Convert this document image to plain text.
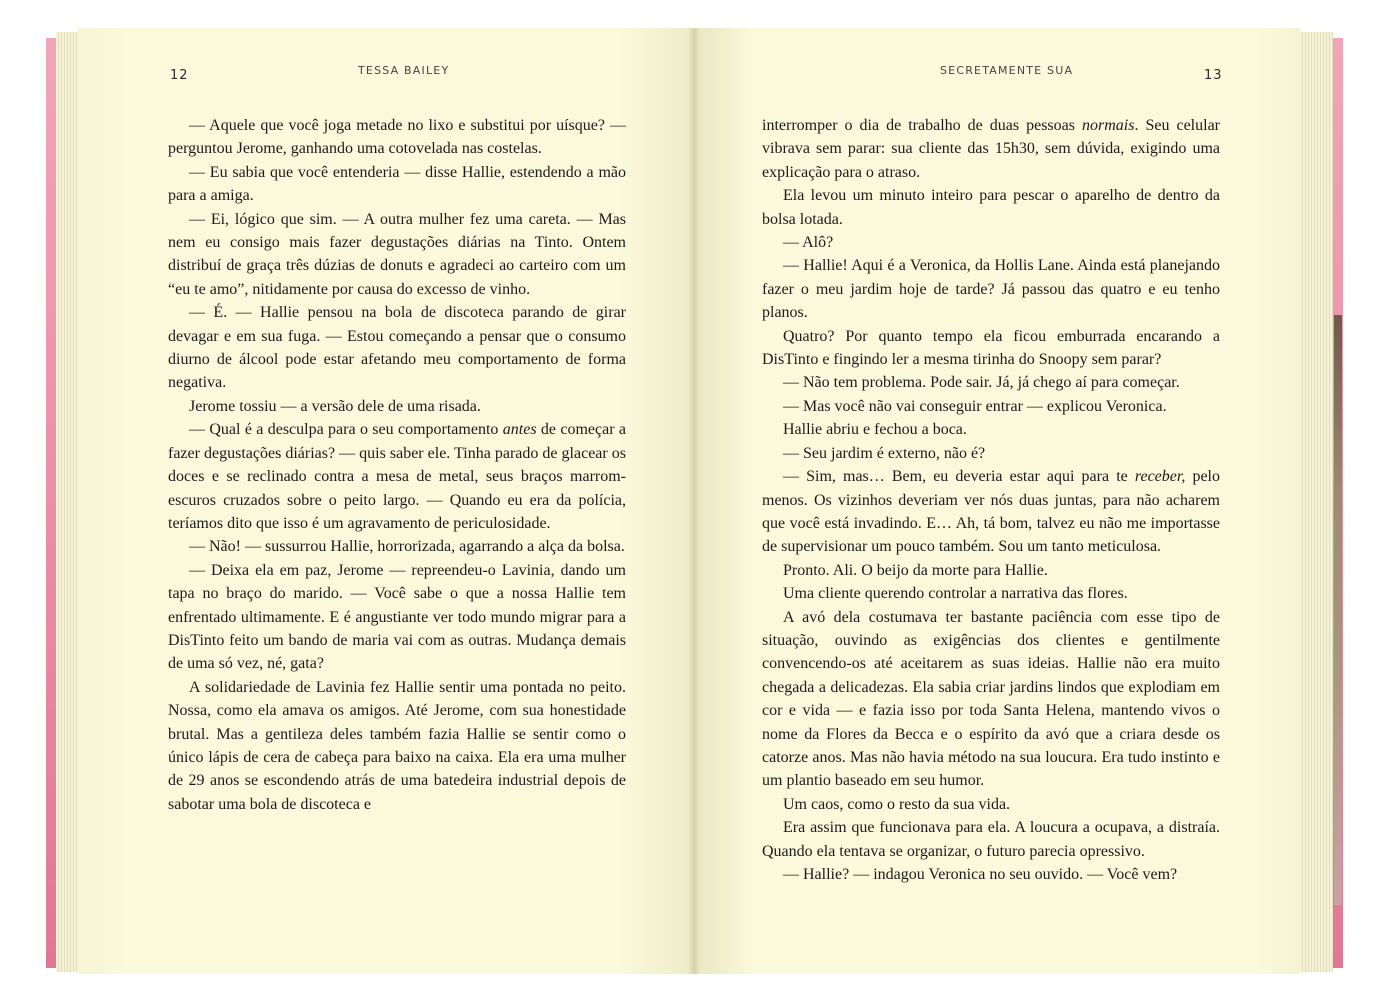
12	TESSA BAILEY	SECRETAMENTE SUA	13

— Aquele que você joga metade no lixo e substitui por uísque? — perguntou Jerome, ganhando uma cotovelada nas costelas.

— Eu sabia que você entenderia — disse Hallie, estendendo a mão para a amiga.

— Ei, lógico que sim. — A outra mulher fez uma careta. — Mas nem eu consigo mais fazer degustações diárias na Tinto. Ontem distribuí de graça três dúzias de donuts e agradeci ao carteiro com um “eu te amo”, nitidamente por causa do excesso de vinho.

— É. — Hallie pensou na bola de discoteca parando de girar devagar e em sua fuga. — Estou começando a pensar que o consumo diurno de álcool pode estar afetando meu comportamento de forma negativa.

Jerome tossiu — a versão dele de uma risada.

— Qual é a desculpa para o seu comportamento antes de começar a fazer degustações diárias? — quis saber ele. Tinha parado de glacear os doces e se reclinado contra a mesa de metal, seus braços marrom-escuros cruzados sobre o peito largo. — Quando eu era da polícia, teríamos dito que isso é um agravamento de periculosidade.

— Não! — sussurrou Hallie, horrorizada, agarrando a alça da bolsa.

— Deixa ela em paz, Jerome — repreendeu-o Lavinia, dando um tapa no braço do marido. — Você sabe o que a nossa Hallie tem enfrentado ultimamente. E é angustiante ver todo mundo migrar para a DisTinto feito um bando de maria vai com as outras. Mudança demais de uma só vez, né, gata?

A solidariedade de Lavinia fez Hallie sentir uma pontada no peito. Nossa, como ela amava os amigos. Até Jerome, com sua honestidade brutal. Mas a gentileza deles também fazia Hallie se sentir como o único lápis de cera de cabeça para baixo na caixa. Ela era uma mulher de 29 anos se escondendo atrás de uma batedeira industrial depois de sabotar uma bola de discoteca e

interromper o dia de trabalho de duas pessoas normais. Seu celular vibrava sem parar: sua cliente das 15h30, sem dúvida, exigindo uma explicação para o atraso.

Ela levou um minuto inteiro para pescar o aparelho de dentro da bolsa lotada.

— Alô?

— Hallie! Aqui é a Veronica, da Hollis Lane. Ainda está planejando fazer o meu jardim hoje de tarde? Já passou das quatro e eu tenho planos.

Quatro? Por quanto tempo ela ficou emburrada encarando a DisTinto e fingindo ler a mesma tirinha do Snoopy sem parar?

— Não tem problema. Pode sair. Já, já chego aí para começar.

— Mas você não vai conseguir entrar — explicou Veronica.

Hallie abriu e fechou a boca.

— Seu jardim é externo, não é?

— Sim, mas… Bem, eu deveria estar aqui para te receber, pelo menos. Os vizinhos deveriam ver nós duas juntas, para não acharem que você está invadindo. E… Ah, tá bom, talvez eu não me importasse de supervisionar um pouco também. Sou um tanto meticulosa.

Pronto. Ali. O beijo da morte para Hallie.

Uma cliente querendo controlar a narrativa das flores.

A avó dela costumava ter bastante paciência com esse tipo de situação, ouvindo as exigências dos clientes e gentilmente convencendo-os até aceitarem as suas ideias. Hallie não era muito chegada a delicadezas. Ela sabia criar jardins lindos que explodiam em cor e vida — e fazia isso por toda Santa Helena, mantendo vivos o nome da Flores da Becca e o espírito da avó que a criara desde os catorze anos. Mas não havia método na sua loucura. Era tudo instinto e um plantio baseado em seu humor.

Um caos, como o resto da sua vida.

Era assim que funcionava para ela. A loucura a ocupava, a distraía. Quando ela tentava se organizar, o futuro parecia opressivo.

— Hallie? — indagou Veronica no seu ouvido. — Você vem?
